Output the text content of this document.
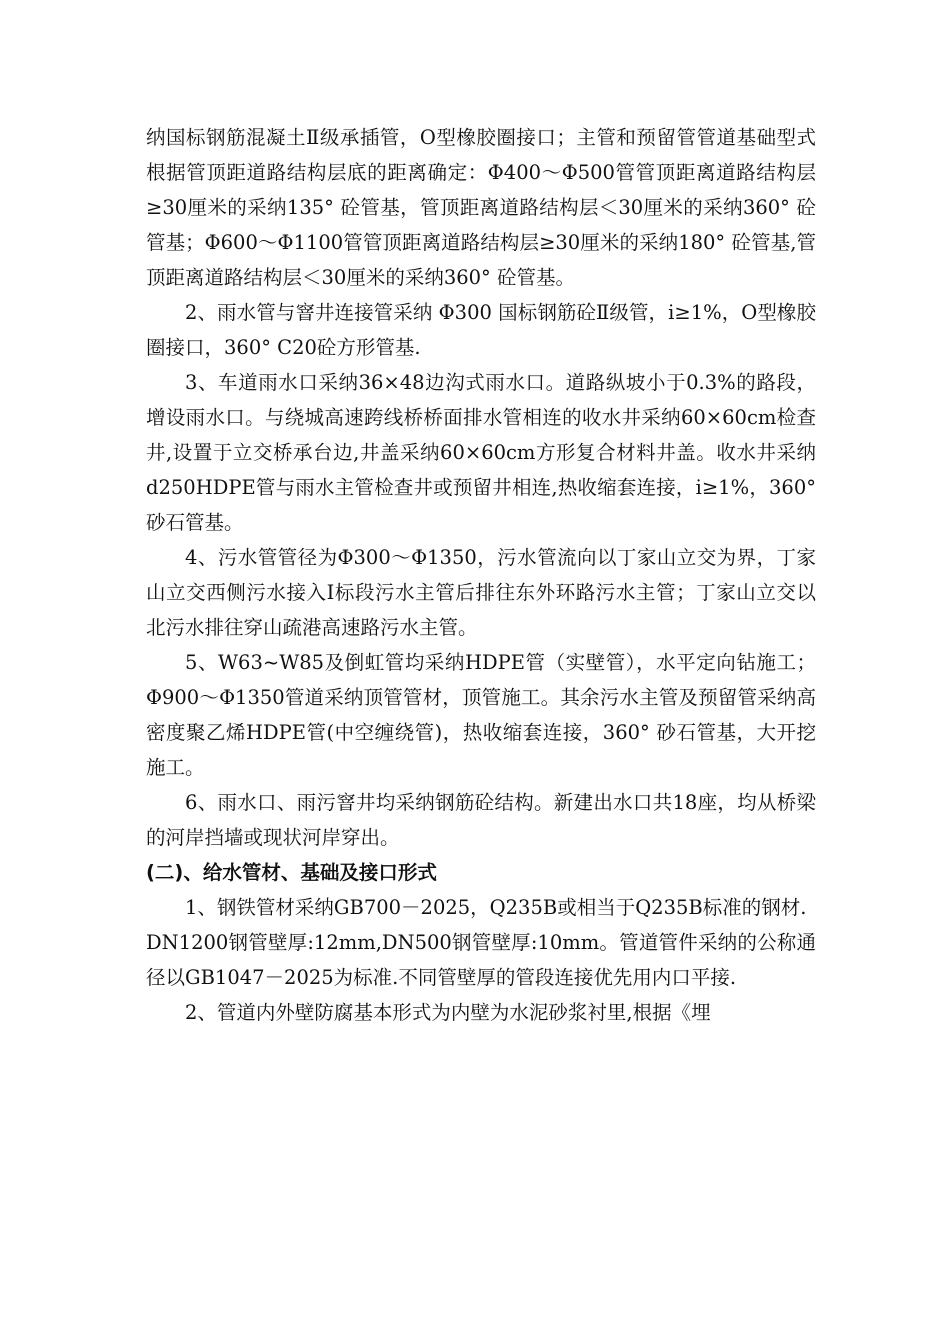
纳国标钢筋混凝土Ⅱ级承插管，O型橡胶圈接口；主管和预留管管道基础型式根据管顶距道路结构层底的距离确定：Φ400～Φ500管管顶距离道路结构层≥30厘米的采纳135° 砼管基，管顶距离道路结构层＜30厘米的采纳360° 砼管基；Φ600～Φ1100管管顶距离道路结构层≥30厘米的采纳180° 砼管基,管顶距离道路结构层＜30厘米的采纳360° 砼管基。

2、雨水管与窨井连接管采纳 Φ300 国标钢筋砼Ⅱ级管，i≥1%，O型橡胶圈接口，360° C20砼方形管基.

3、车道雨水口采纳36×48边沟式雨水口。道路纵坡小于0.3%的路段，增设雨水口。与绕城高速跨线桥桥面排水管相连的收水井采纳60×60cm检查井,设置于立交桥承台边,井盖采纳60×60cm方形复合材料井盖。收水井采纳d250HDPE管与雨水主管检查井或预留井相连,热收缩套连接，i≥1%，360° 砂石管基。

4、污水管管径为Φ300～Φ1350，污水管流向以丁家山立交为界，丁家山立交西侧污水接入Ⅰ标段污水主管后排往东外环路污水主管；丁家山立交以北污水排往穿山疏港高速路污水主管。

5、W63~W85及倒虹管均采纳HDPE管（实壁管），水平定向钻施工；Φ900～Φ1350管道采纳顶管管材，顶管施工。其余污水主管及预留管采纳高密度聚乙烯HDPE管(中空缠绕管)，热收缩套连接，360° 砂石管基，大开挖施工。

6、雨水口、雨污窨井均采纳钢筋砼结构。新建出水口共18座，均从桥梁的河岸挡墙或现状河岸穿出。

(二)、给水管材、基础及接口形式

1、钢铁管材采纳GB700－2025，Q235B或相当于Q235B标准的钢材.

DN1200钢管壁厚:12mm,DN500钢管壁厚:10mm。管道管件采纳的公称通径以GB1047－2025为标准.不同管壁厚的管段连接优先用内口平接.

2、管道内外壁防腐基本形式为内壁为水泥砂浆衬里,根据《埋
